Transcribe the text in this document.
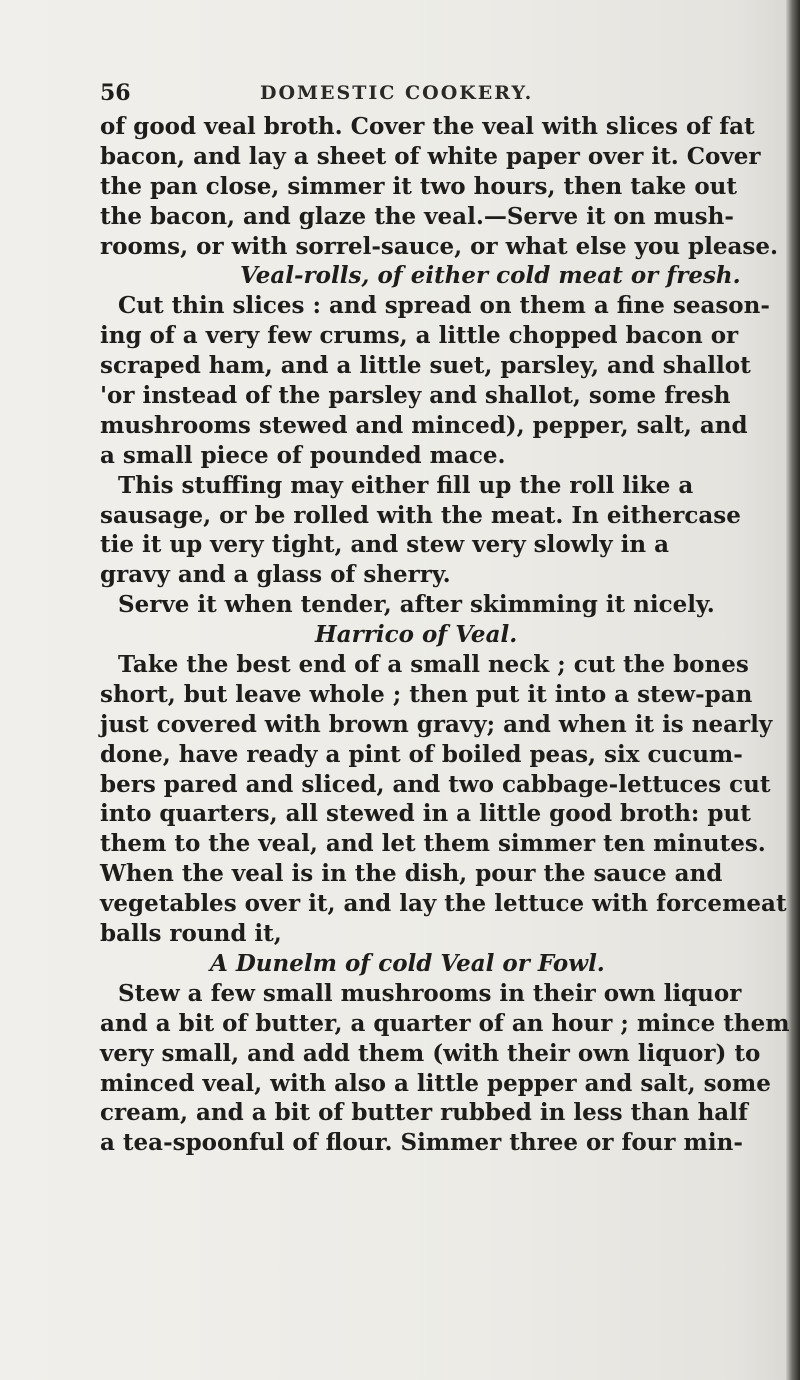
56	DOMESTIC COOKERY.
of good veal broth. Cover the veal with slices of fat
bacon, and lay a sheet of white paper over it. Cover
the pan close, simmer it two hours, then take out
the bacon, and glaze the veal.—Serve it on mush-
rooms, or with sorrel-sauce, or what else you please.
Veal-rolls, of either cold meat or fresh.
Cut thin slices : and spread on them a fine season-
ing of a very few crums, a little chopped bacon or
scraped ham, and a little suet, parsley, and shallot
'or instead of the parsley and shallot, some fresh
mushrooms stewed and minced), pepper, salt, and
a small piece of pounded mace.
This stuffing may either fill up the roll like a
sausage, or be rolled with the meat. In eithercase
tie it up very tight, and stew very slowly in a
gravy and a glass of sherry.
Serve it when tender, after skimming it nicely.
Harrico of Veal.
Take the best end of a small neck ; cut the bones
short, but leave whole ; then put it into a stew-pan
just covered with brown gravy; and when it is nearly
done, have ready a pint of boiled peas, six cucum-
bers pared and sliced, and two cabbage-lettuces cut
into quarters, all stewed in a little good broth: put
them to the veal, and let them simmer ten minutes.
When the veal is in the dish, pour the sauce and
vegetables over it, and lay the lettuce with forcemeat
balls round it,
A Dunelm of cold Veal or Fowl.
Stew a few small mushrooms in their own liquor
and a bit of butter, a quarter of an hour ; mince them
very small, and add them (with their own liquor) to
minced veal, with also a little pepper and salt, some
cream, and a bit of butter rubbed in less than half
a tea-spoonful of flour. Simmer three or four min-
